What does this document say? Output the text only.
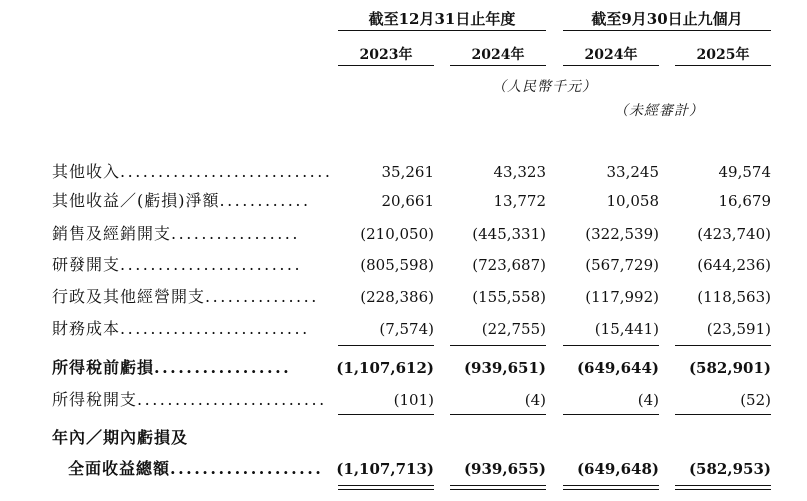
截至12月31日止年度	截至9月30日止九個月
2023年	2024年	2024年	2025年
（人民幣千元）
（未經審計）
其他收入............................	35,261	43,323	33,245	49,574
其他收益／(虧損)淨額............	20,661	13,772	10,058	16,679
銷售及經銷開支.................	(210,050)	(445,331)	(322,539)	(423,740)
研發開支........................	(805,598)	(723,687)	(567,729)	(644,236)
行政及其他經營開支...............	(228,386)	(155,558)	(117,992)	(118,563)
財務成本.........................	(7,574)	(22,755)	(15,441)	(23,591)
所得稅前虧損.................	(1,107,612) (939,651) (649,644) (582,901)
所得稅開支.........................	(101)	(4)	(4)	(52)
年內／期內虧損及
全面收益總額................... (1,107,713) (939,655) (649,648) (582,953)
